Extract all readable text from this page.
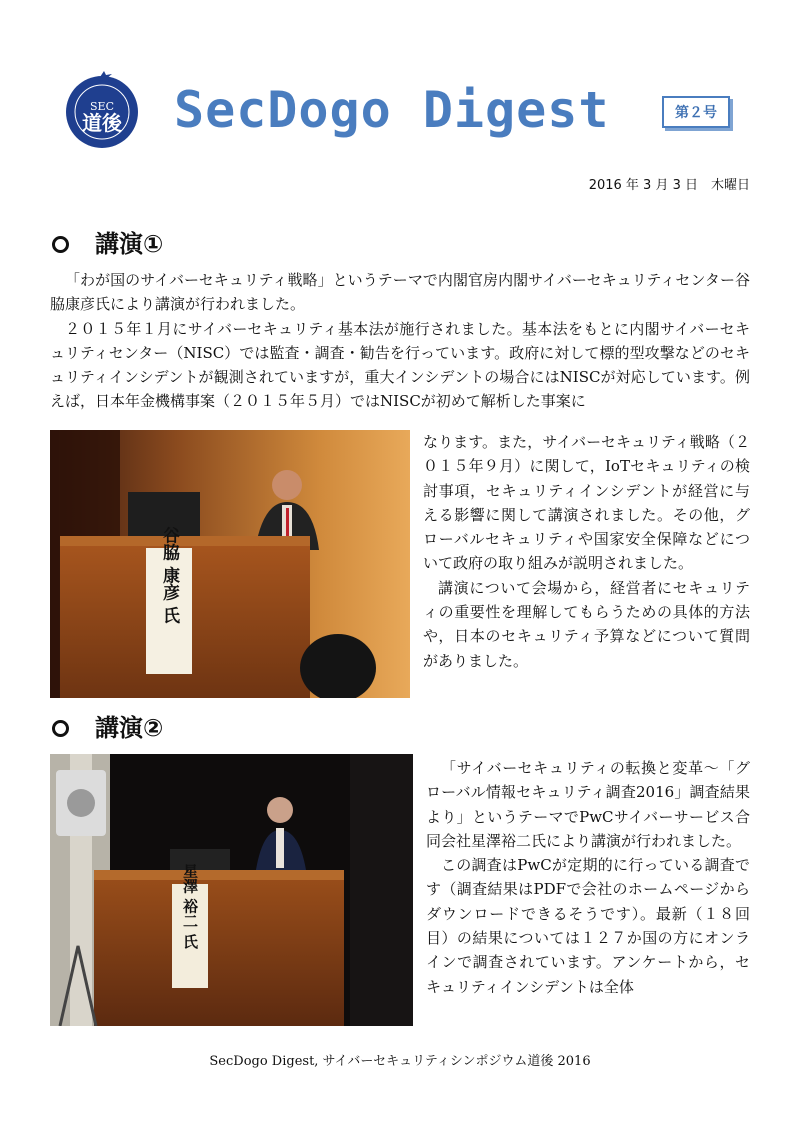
SEC
道後 SecDogo Digest	第２号
2016 年 3 月 3 日　木曜日
講演①

「わが国のサイバーセキュリティ戦略」というテーマで内閣官房内閣サイバーセキュリティセンター谷脇康彦氏により講演が行われました。

２０１５年１月にサイバーセキュリティ基本法が施行されました。基本法をもとに内閣サイバーセキュリティセンター（NISC）では監査・調査・勧告を行っています。政府に対して標的型攻撃などのセキュリティインシデントが観測されていますが，重大インシデントの場合にはNISCが対応しています。例えば，日本年金機構事案（２０１５年５月）ではNISCが初めて解析した事案に

谷脇 康彦 氏

なります。また，サイバーセキュリティ戦略（２０１５年９月）に関して，IoTセキュリティの検討事項，セキュリティインシデントが経営に与える影響に関して講演されました。その他，グローバルセキュリティや国家安全保障などについて政府の取り組みが説明されました。

講演について会場から，経営者にセキュリティの重要性を理解してもらうための具体的方法や，日本のセキュリティ予算などについて質問がありました。

講演②
星澤 裕二 氏

「サイバーセキュリティの転換と変革～「グローバル情報セキュリティ調査2016」調査結果より」というテーマでPwCサイバーサービス合同会社星澤裕二氏により講演が行われました。

この調査はPwCが定期的に行っている調査です（調査結果はPDFで会社のホームページからダウンロードできるそうです）。最新（１８回目）の結果については１２７か国の方にオンラインで調査されています。アンケートから，セキュリティインシデントは全体

SecDogo Digest, サイバーセキュリティシンポジウム道後 2016
